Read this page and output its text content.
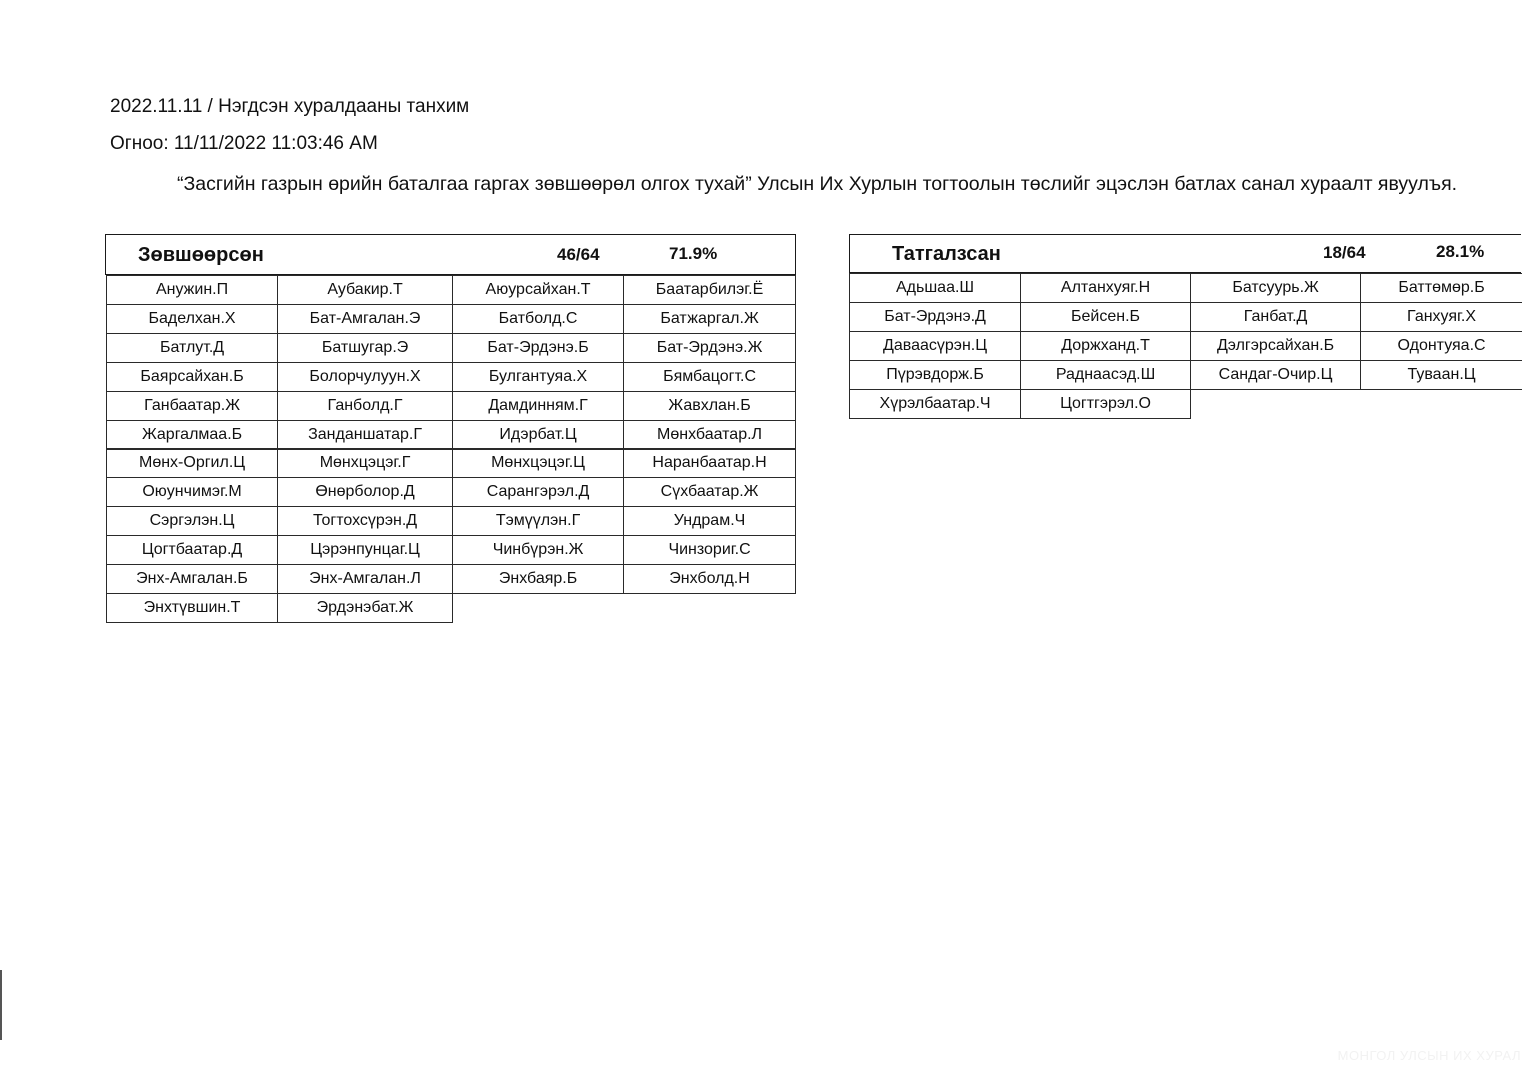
2022.11.11 / Нэгдсэн хуралдааны танхим
Огноо: 11/11/2022 11:03:46 AM
“Засгийн газрын өрийн баталгаа гаргах зөвшөөрөл олгох тухай” Улсын Их Хурлын тогтоолын төслийг эцэслэн батлах санал хураалт явуулъя.
Зөвшөөрсөн	46/64	71.9%
Анужин.П	Аубакир.Т	Аюурсайхан.Т	Баатарбилэг.Ё
Баделхан.Х	Бат-Амгалан.Э	Батболд.С	Батжаргал.Ж
Батлут.Д	Батшугар.Э	Бат-Эрдэнэ.Б	Бат-Эрдэнэ.Ж
Баярсайхан.Б	Болорчулуун.Х	Булгантуяа.Х	Бямбацогт.С
Ганбаатар.Ж	Ганболд.Г	Дамдинням.Г	Жавхлан.Б
Жаргалмаа.Б	Занданшатар.Г	Идэрбат.Ц	Мөнхбаатар.Л
Мөнх-Оргил.Ц	Мөнхцэцэг.Г	Мөнхцэцэг.Ц	Наранбаатар.Н
Оюунчимэг.М	Өнөрболор.Д	Сарангэрэл.Д	Сүхбаатар.Ж
Сэргэлэн.Ц	Тогтохсүрэн.Д	Тэмүүлэн.Г	Ундрам.Ч
Цогтбаатар.Д	Цэрэнпунцаг.Ц	Чинбүрэн.Ж	Чинзориг.С
Энх-Амгалан.Б	Энх-Амгалан.Л	Энхбаяр.Б	Энхболд.Н
Энхтүвшин.Т	Эрдэнэбат.Ж
Татгалзсан	18/64	28.1%
Адьшаа.Ш	Алтанхуяг.Н	Батсуурь.Ж	Баттөмөр.Б
Бат-Эрдэнэ.Д	Бейсен.Б	Ганбат.Д	Ганхуяг.Х
Даваасүрэн.Ц	Доржханд.Т	Дэлгэрсайхан.Б	Одонтуяа.С
Пүрэвдорж.Б	Раднаасэд.Ш	Сандаг-Очир.Ц	Туваан.Ц
Хүрэлбаатар.Ч	Цогтгэрэл.О
МОНГОЛ УЛСЫН ИХ ХУРАЛ
